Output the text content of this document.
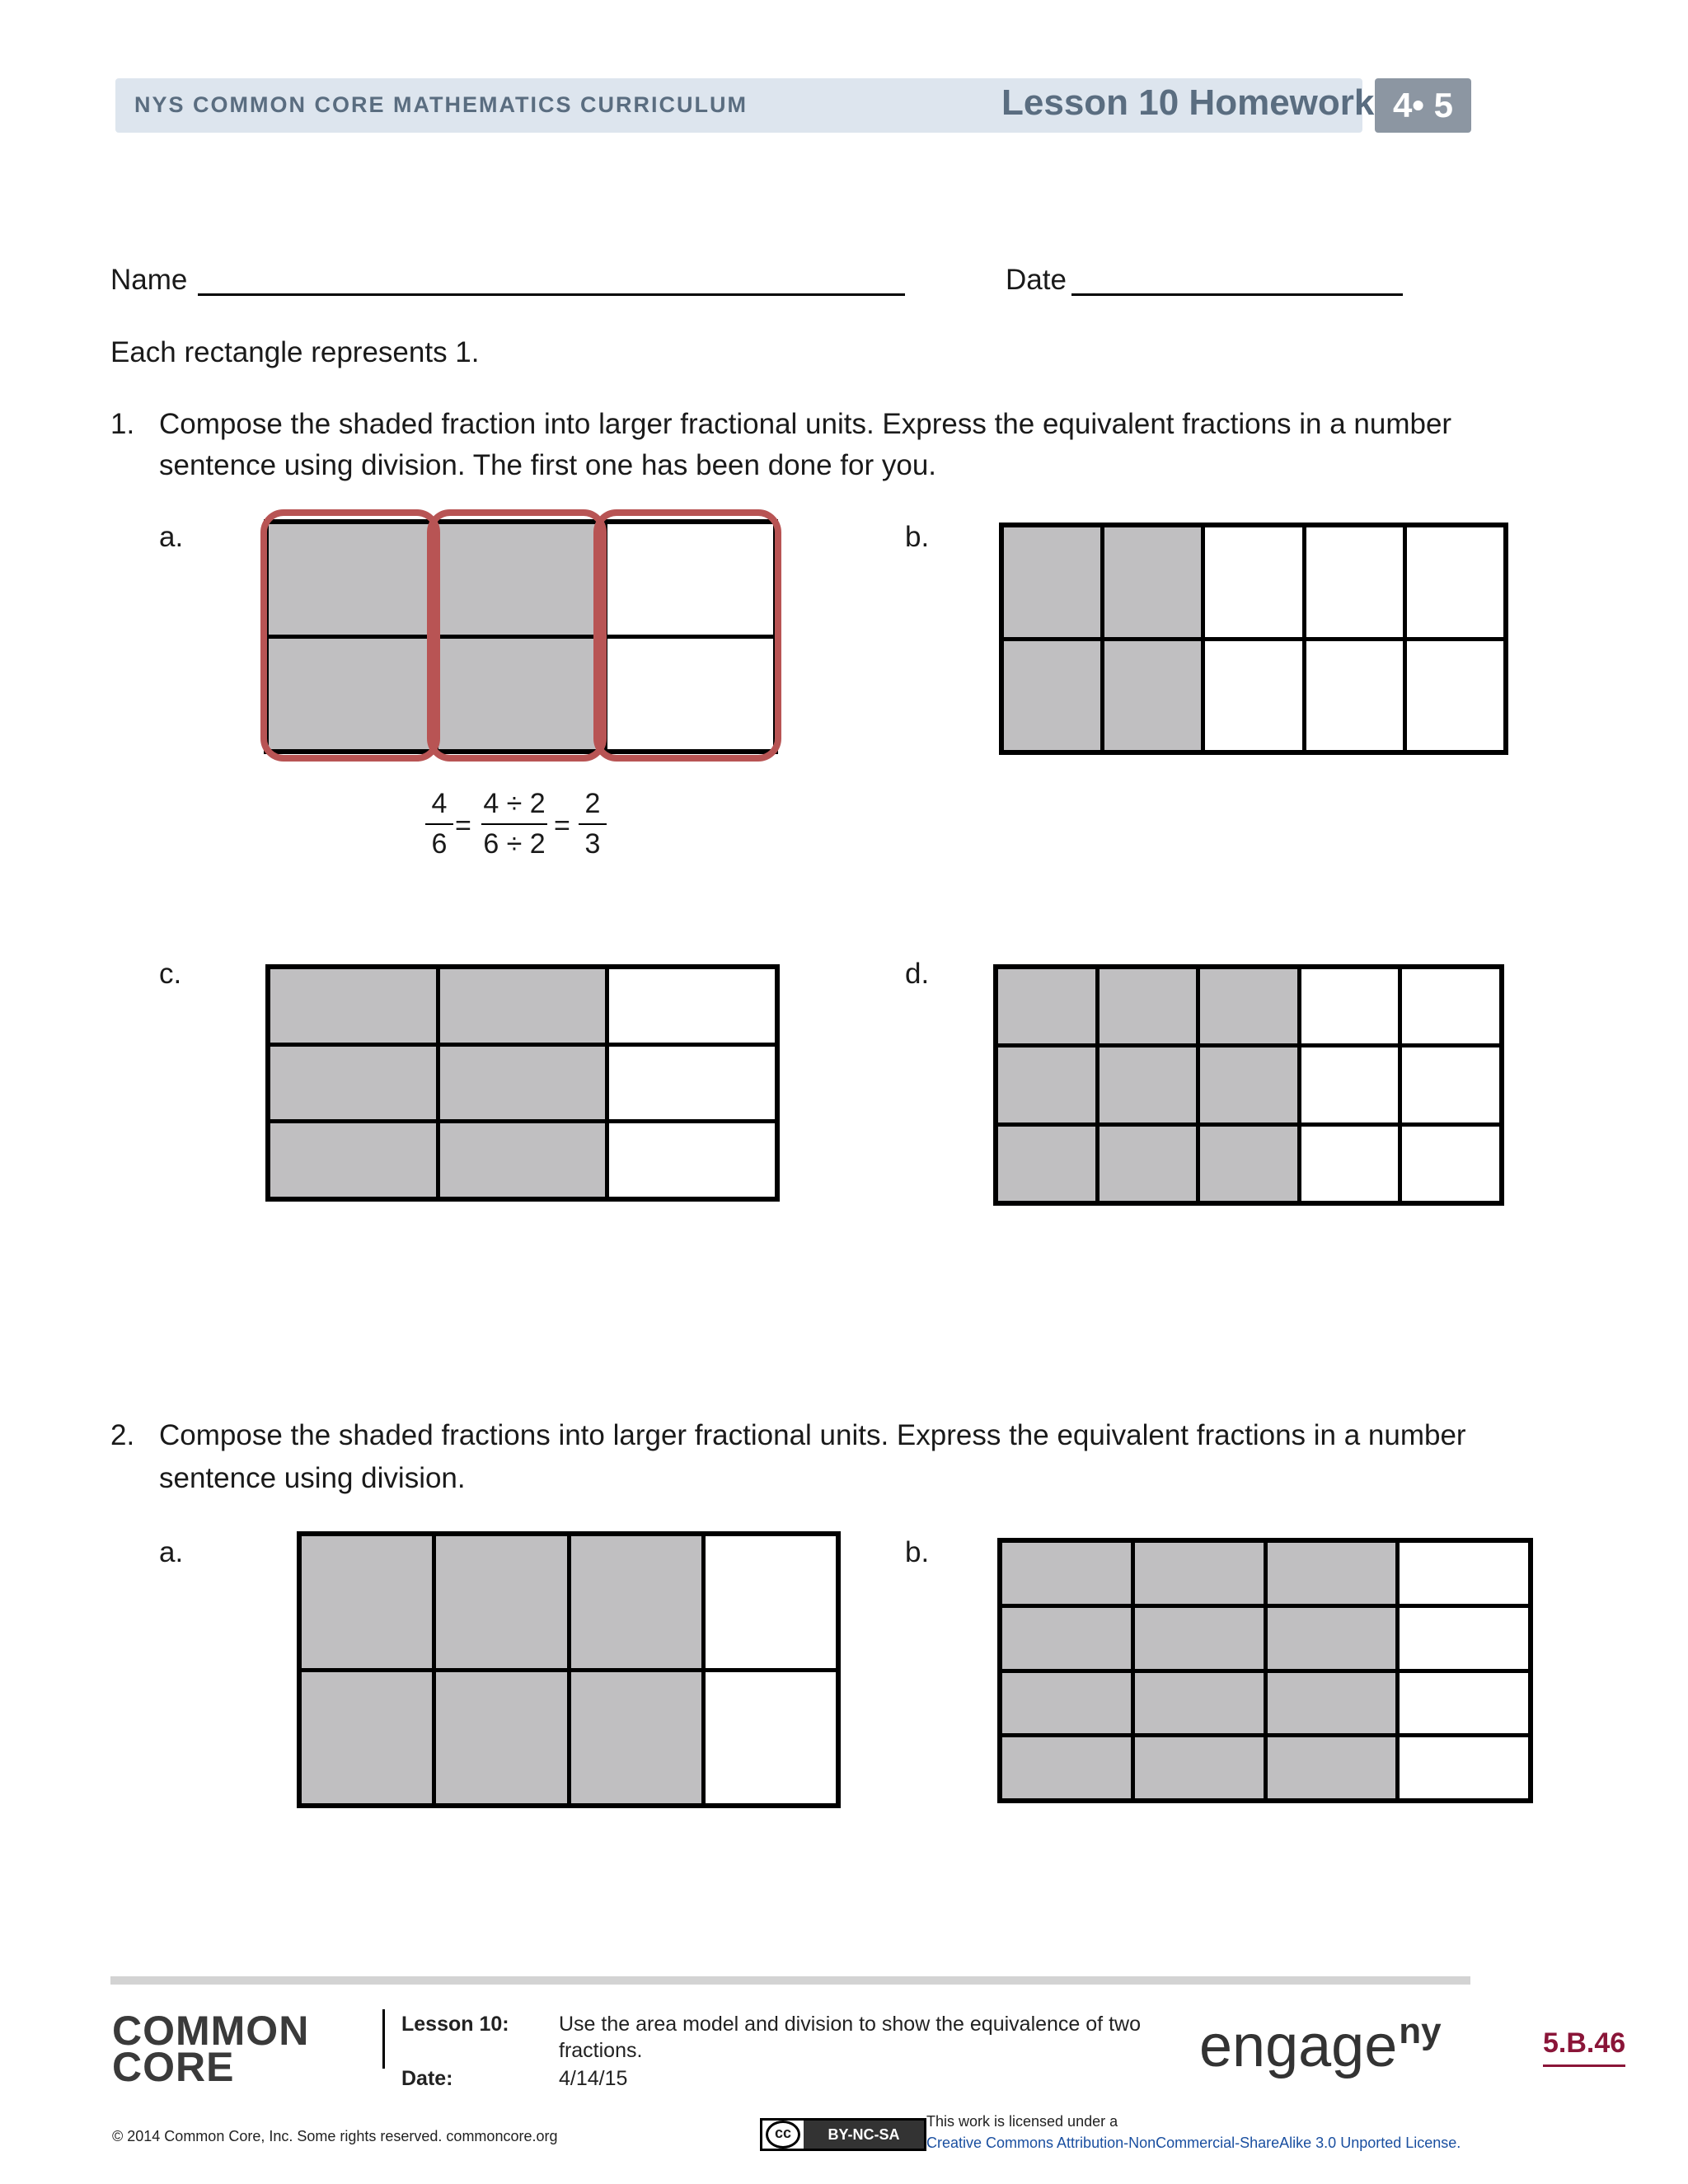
NYS COMMON CORE MATHEMATICS CURRICULUM	Lesson 10 Homework 4• 5
Name	Date
Each rectangle represents 1.
1. Compose the shaded fraction into larger fractional units. Express the equivalent fractions in a number
sentence using division. The first one has been done for you.
a.	b.
c.	d.
4
6
=
4 ÷ 2
6 ÷ 2
=
2
3
2. Compose the shaded fractions into larger fractional units. Express the equivalent fractions in a number
sentence using division.
a.	b.
COMMON
CORE
Lesson 10: Use the area model and division to show the equivalence of two
fractions.
Date:	4/14/15	engage$^{ny}$	5.B.46
© 2014 Common Core, Inc. Some rights reserved. commoncore.org	cc	BY-NC-SA
This work is licensed under a
Creative Commons Attribution-NonCommercial-ShareAlike 3.0 Unported License.
